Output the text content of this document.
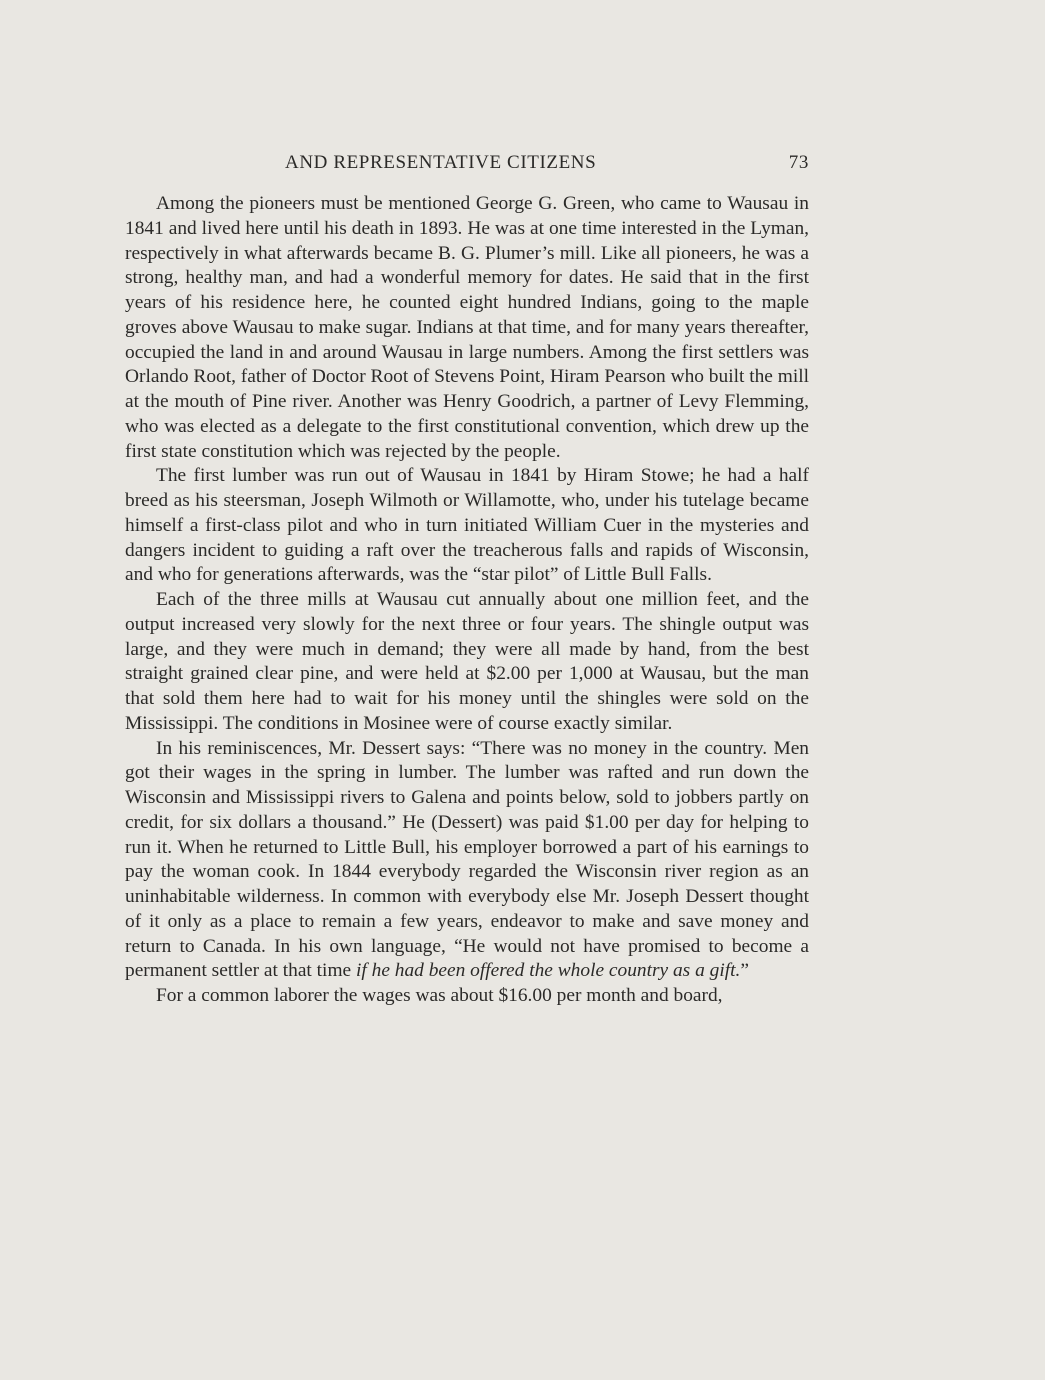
AND REPRESENTATIVE CITIZENS	73

Among the pioneers must be mentioned George G. Green, who came to Wausau in 1841 and lived here until his death in 1893. He was at one time interested in the Lyman, respectively in what afterwards became B. G. Plumer’s mill. Like all pioneers, he was a strong, healthy man, and had a wonderful memory for dates. He said that in the first years of his residence here, he counted eight hundred Indians, going to the maple groves above Wausau to make sugar. Indians at that time, and for many years thereafter, occupied the land in and around Wausau in large numbers. Among the first settlers was Orlando Root, father of Doctor Root of Stevens Point, Hiram Pearson who built the mill at the mouth of Pine river. Another was Henry Goodrich, a partner of Levy Flemming, who was elected as a delegate to the first constitutional convention, which drew up the first state constitution which was rejected by the people.

The first lumber was run out of Wausau in 1841 by Hiram Stowe; he had a half breed as his steersman, Joseph Wilmoth or Willamotte, who, under his tutelage became himself a first-class pilot and who in turn initiated William Cuer in the mysteries and dangers incident to guiding a raft over the treacherous falls and rapids of Wisconsin, and who for generations afterwards, was the “star pilot” of Little Bull Falls.

Each of the three mills at Wausau cut annually about one million feet, and the output increased very slowly for the next three or four years. The shingle output was large, and they were much in demand; they were all made by hand, from the best straight grained clear pine, and were held at $2.00 per 1,000 at Wausau, but the man that sold them here had to wait for his money until the shingles were sold on the Mississippi. The conditions in Mosinee were of course exactly similar.

In his reminiscences, Mr. Dessert says: “There was no money in the country. Men got their wages in the spring in lumber. The lumber was rafted and run down the Wisconsin and Mississippi rivers to Galena and points below, sold to jobbers partly on credit, for six dollars a thousand.” He (Dessert) was paid $1.00 per day for helping to run it. When he returned to Little Bull, his employer borrowed a part of his earnings to pay the woman cook. In 1844 everybody regarded the Wisconsin river region as an uninhabitable wilderness. In common with everybody else Mr. Joseph Dessert thought of it only as a place to remain a few years, endeavor to make and save money and return to Canada. In his own language, “He would not have promised to become a permanent settler at that time if he had been offered the whole country as a gift.”

For a common laborer the wages was about $16.00 per month and board,
